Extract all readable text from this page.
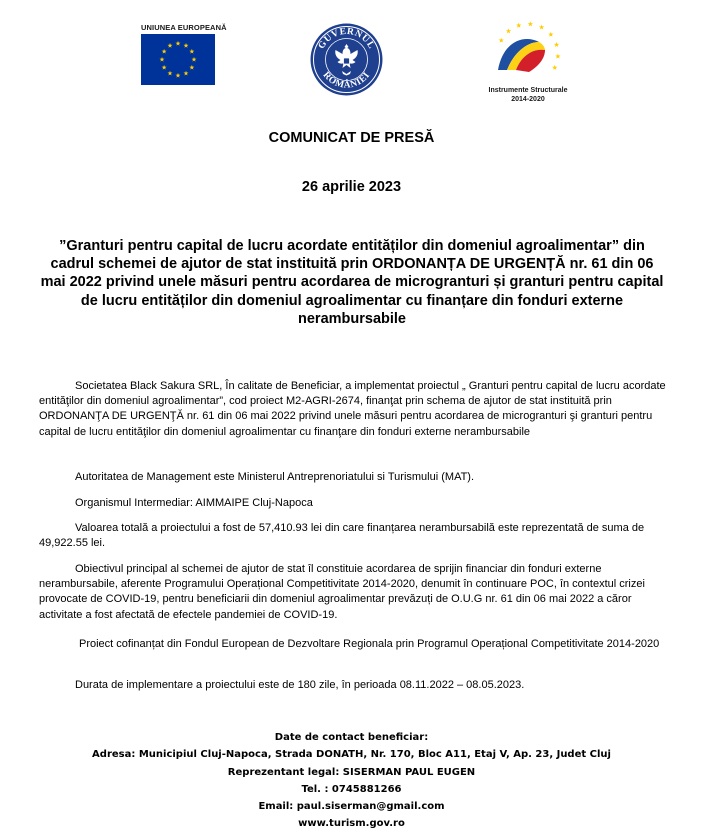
UNIUNEA EUROPEANĂ
GUVERNUL
ROMÂNIEI
Instrumente Structurale
2014-2020
COMUNICAT DE PRESĂ
26 aprilie 2023
”Granturi pentru capital de lucru acordate entităților din domeniul agroalimentar” din cadrul schemei de ajutor de stat instituită prin ORDONANȚA DE URGENȚĂ nr. 61 din 06 mai 2022 privind unele măsuri pentru acordarea de microgranturi și granturi pentru capital de lucru entităților din domeniul agroalimentar cu finanțare din fonduri externe nerambursabile

Societatea Black Sakura SRL, În calitate de Beneficiar, a implementat proiectul „ Granturi pentru capital de lucru acordate entităţilor din domeniul agroalimentar”, cod proiect M2-AGRI-2674, finanţat prin schema de ajutor de stat instituită prin ORDONANŢA DE URGENŢĂ nr. 61 din 06 mai 2022 privind unele măsuri pentru acordarea de microgranturi şi granturi pentru capital de lucru entităţilor din domeniul agroalimentar cu finanţare din fonduri externe nerambursabile

Autoritatea de Management este Ministerul Antreprenoriatului si Turismului (MAT).

Organismul Intermediar: AIMMAIPE Cluj-Napoca

Valoarea totală a proiectului a fost de 57,410.93 lei din care finanțarea nerambursabilă este reprezentată de suma de 49,922.55 lei.

Obiectivul principal al schemei de ajutor de stat îl constituie acordarea de sprijin financiar din fonduri externe nerambursabile, aferente Programului Operațional Competitivitate 2014-2020, denumit în continuare POC, în contextul crizei provocate de COVID-19, pentru beneficiarii din domeniul agroalimentar prevăzuți de O.U.G nr. 61 din 06 mai 2022 a căror activitate a fost afectată de efectele pandemiei de COVID-19.

Proiect cofinanțat din Fondul European de Dezvoltare Regionala prin Programul Operațional Competitivitate 2014-2020

Durata de implementare a proiectului este de 180 zile, în perioada 08.11.2022 – 08.05.2023.

Date de contact beneficiar:
Adresa: Municipiul Cluj-Napoca, Strada DONATH, Nr. 170, Bloc A11, Etaj V, Ap. 23, Judet Cluj
Reprezentant legal: SISERMAN PAUL EUGEN
Tel. : 0745881266
Email: paul.siserman@gmail.com
www.turism.gov.ro
